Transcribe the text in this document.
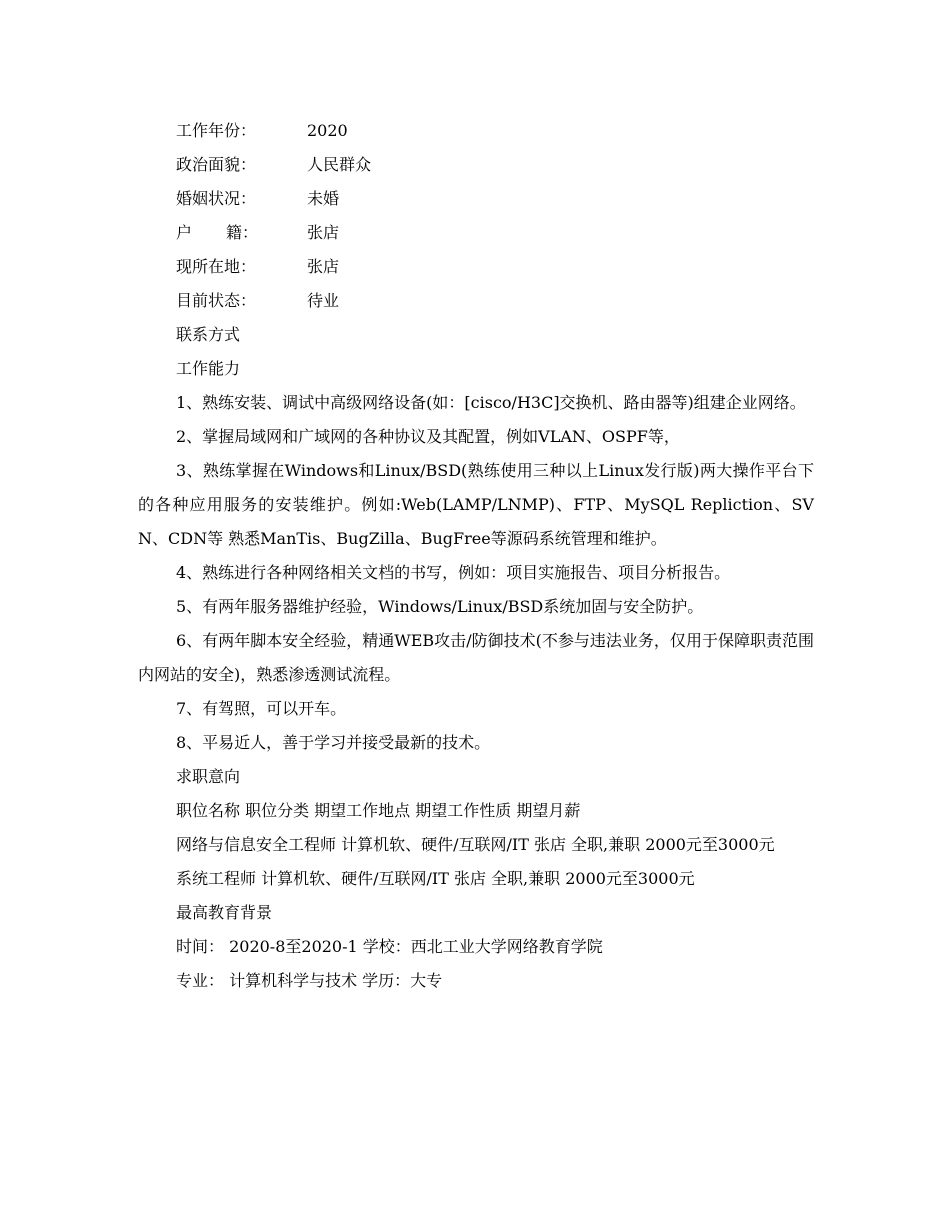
工作年份：	2020
政治面貌：	人民群众
婚姻状况：	未婚
户 籍：	张店
现所在地：	张店
目前状态：	待业

联系方式

工作能力

1、熟练安装、调试中高级网络设备(如：[cisco/H3C]交换机、路由器等)组建企业网络。

2、掌握局域网和广域网的各种协议及其配置，例如VLAN、OSPF等，

3、熟练掌握在Windows和Linux/BSD(熟练使用三种以上Linux发行版)两大操作平台下的各种应用服务的安装维护。例如:Web(LAMP/LNMP)、FTP、MySQL Repliction、SVN、CDN等 熟悉ManTis、BugZilla、BugFree等源码系统管理和维护。

4、熟练进行各种网络相关文档的书写，例如：项目实施报告、项目分析报告。

5、有两年服务器维护经验，Windows/Linux/BSD系统加固与安全防护。

6、有两年脚本安全经验，精通WEB攻击/防御技术(不参与违法业务，仅用于保障职责范围内网站的安全)，熟悉渗透测试流程。

7、有驾照，可以开车。

8、平易近人，善于学习并接受最新的技术。

求职意向

职位名称 职位分类 期望工作地点 期望工作性质 期望月薪

网络与信息安全工程师 计算机软、硬件/互联网/IT 张店 全职,兼职 2000元至3000元

系统工程师 计算机软、硬件/互联网/IT 张店 全职,兼职 2000元至3000元

最高教育背景

时间： 2020-8至2020-1 学校：西北工业大学网络教育学院

专业： 计算机科学与技术 学历：大专
